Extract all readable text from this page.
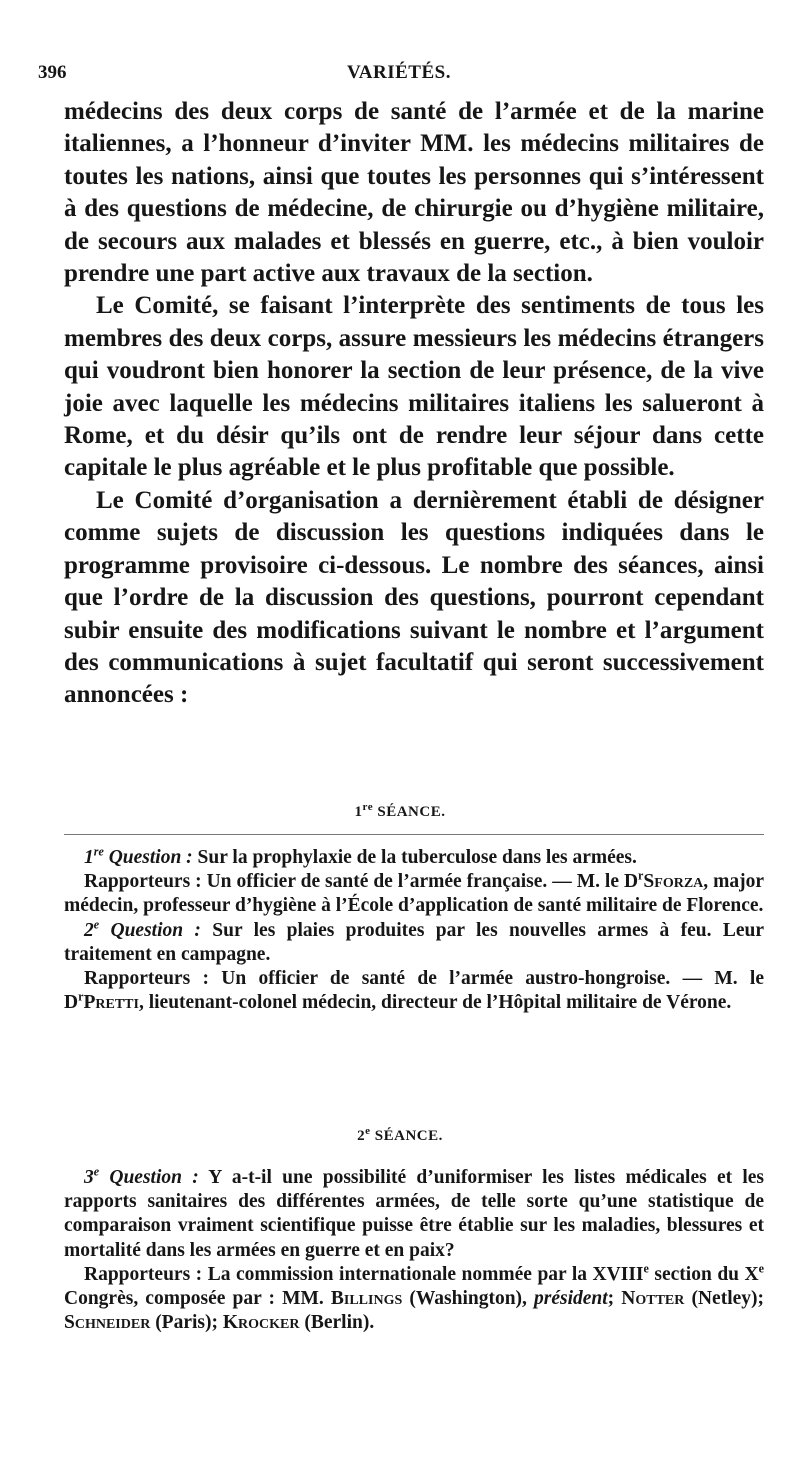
396	VARIÉTÉS.

médecins des deux corps de santé de l’armée et de la marine italiennes, a l’honneur d’inviter MM. les médecins militaires de toutes les nations, ainsi que toutes les personnes qui s’intéressent à des questions de médecine, de chirurgie ou d’hygiène militaire, de secours aux malades et blessés en guerre, etc., à bien vouloir prendre une part active aux travaux de la section.

Le Comité, se faisant l’interprète des sentiments de tous les membres des deux corps, assure messieurs les médecins étrangers qui voudront bien honorer la section de leur présence, de la vive joie avec laquelle les médecins militaires italiens les salueront à Rome, et du désir qu’ils ont de rendre leur séjour dans cette capitale le plus agréable et le plus profitable que possible.

Le Comité d’organisation a dernièrement établi de désigner comme sujets de discussion les questions indiquées dans le programme provisoire ci-dessous. Le nombre des séances, ainsi que l’ordre de la discussion des questions, pourront cependant subir ensuite des modifications suivant le nombre et l’argument des communications à sujet facultatif qui seront successivement annoncées :

1re SÉANCE.

1re Question : Sur la prophylaxie de la tuberculose dans les armées.

Rapporteurs : Un officier de santé de l’armée française. — M. le $D^rSforza$, major médecin, professeur d’hygiène à l’École d’application de santé militaire de Florence.

2e Question : Sur les plaies produites par les nouvelles armes à feu. Leur traitement en campagne.

Rapporteurs : Un officier de santé de l’armée austro-hongroise. — M. le $D^rPretti$, lieutenant-colonel médecin, directeur de l’Hôpital militaire de Vérone.

2e SÉANCE.

3e Question : Y a-t-il une possibilité d’uniformiser les listes médicales et les rapports sanitaires des différentes armées, de telle sorte qu’une statistique de comparaison vraiment scientifique puisse être établie sur les maladies, blessures et mortalité dans les armées en guerre et en paix?

Rapporteurs : La commission internationale nommée par la XVIIIe section du Xe Congrès, composée par : MM. Billings (Washington), président; Notter (Netley); Schneider (Paris); Krocker (Berlin).
